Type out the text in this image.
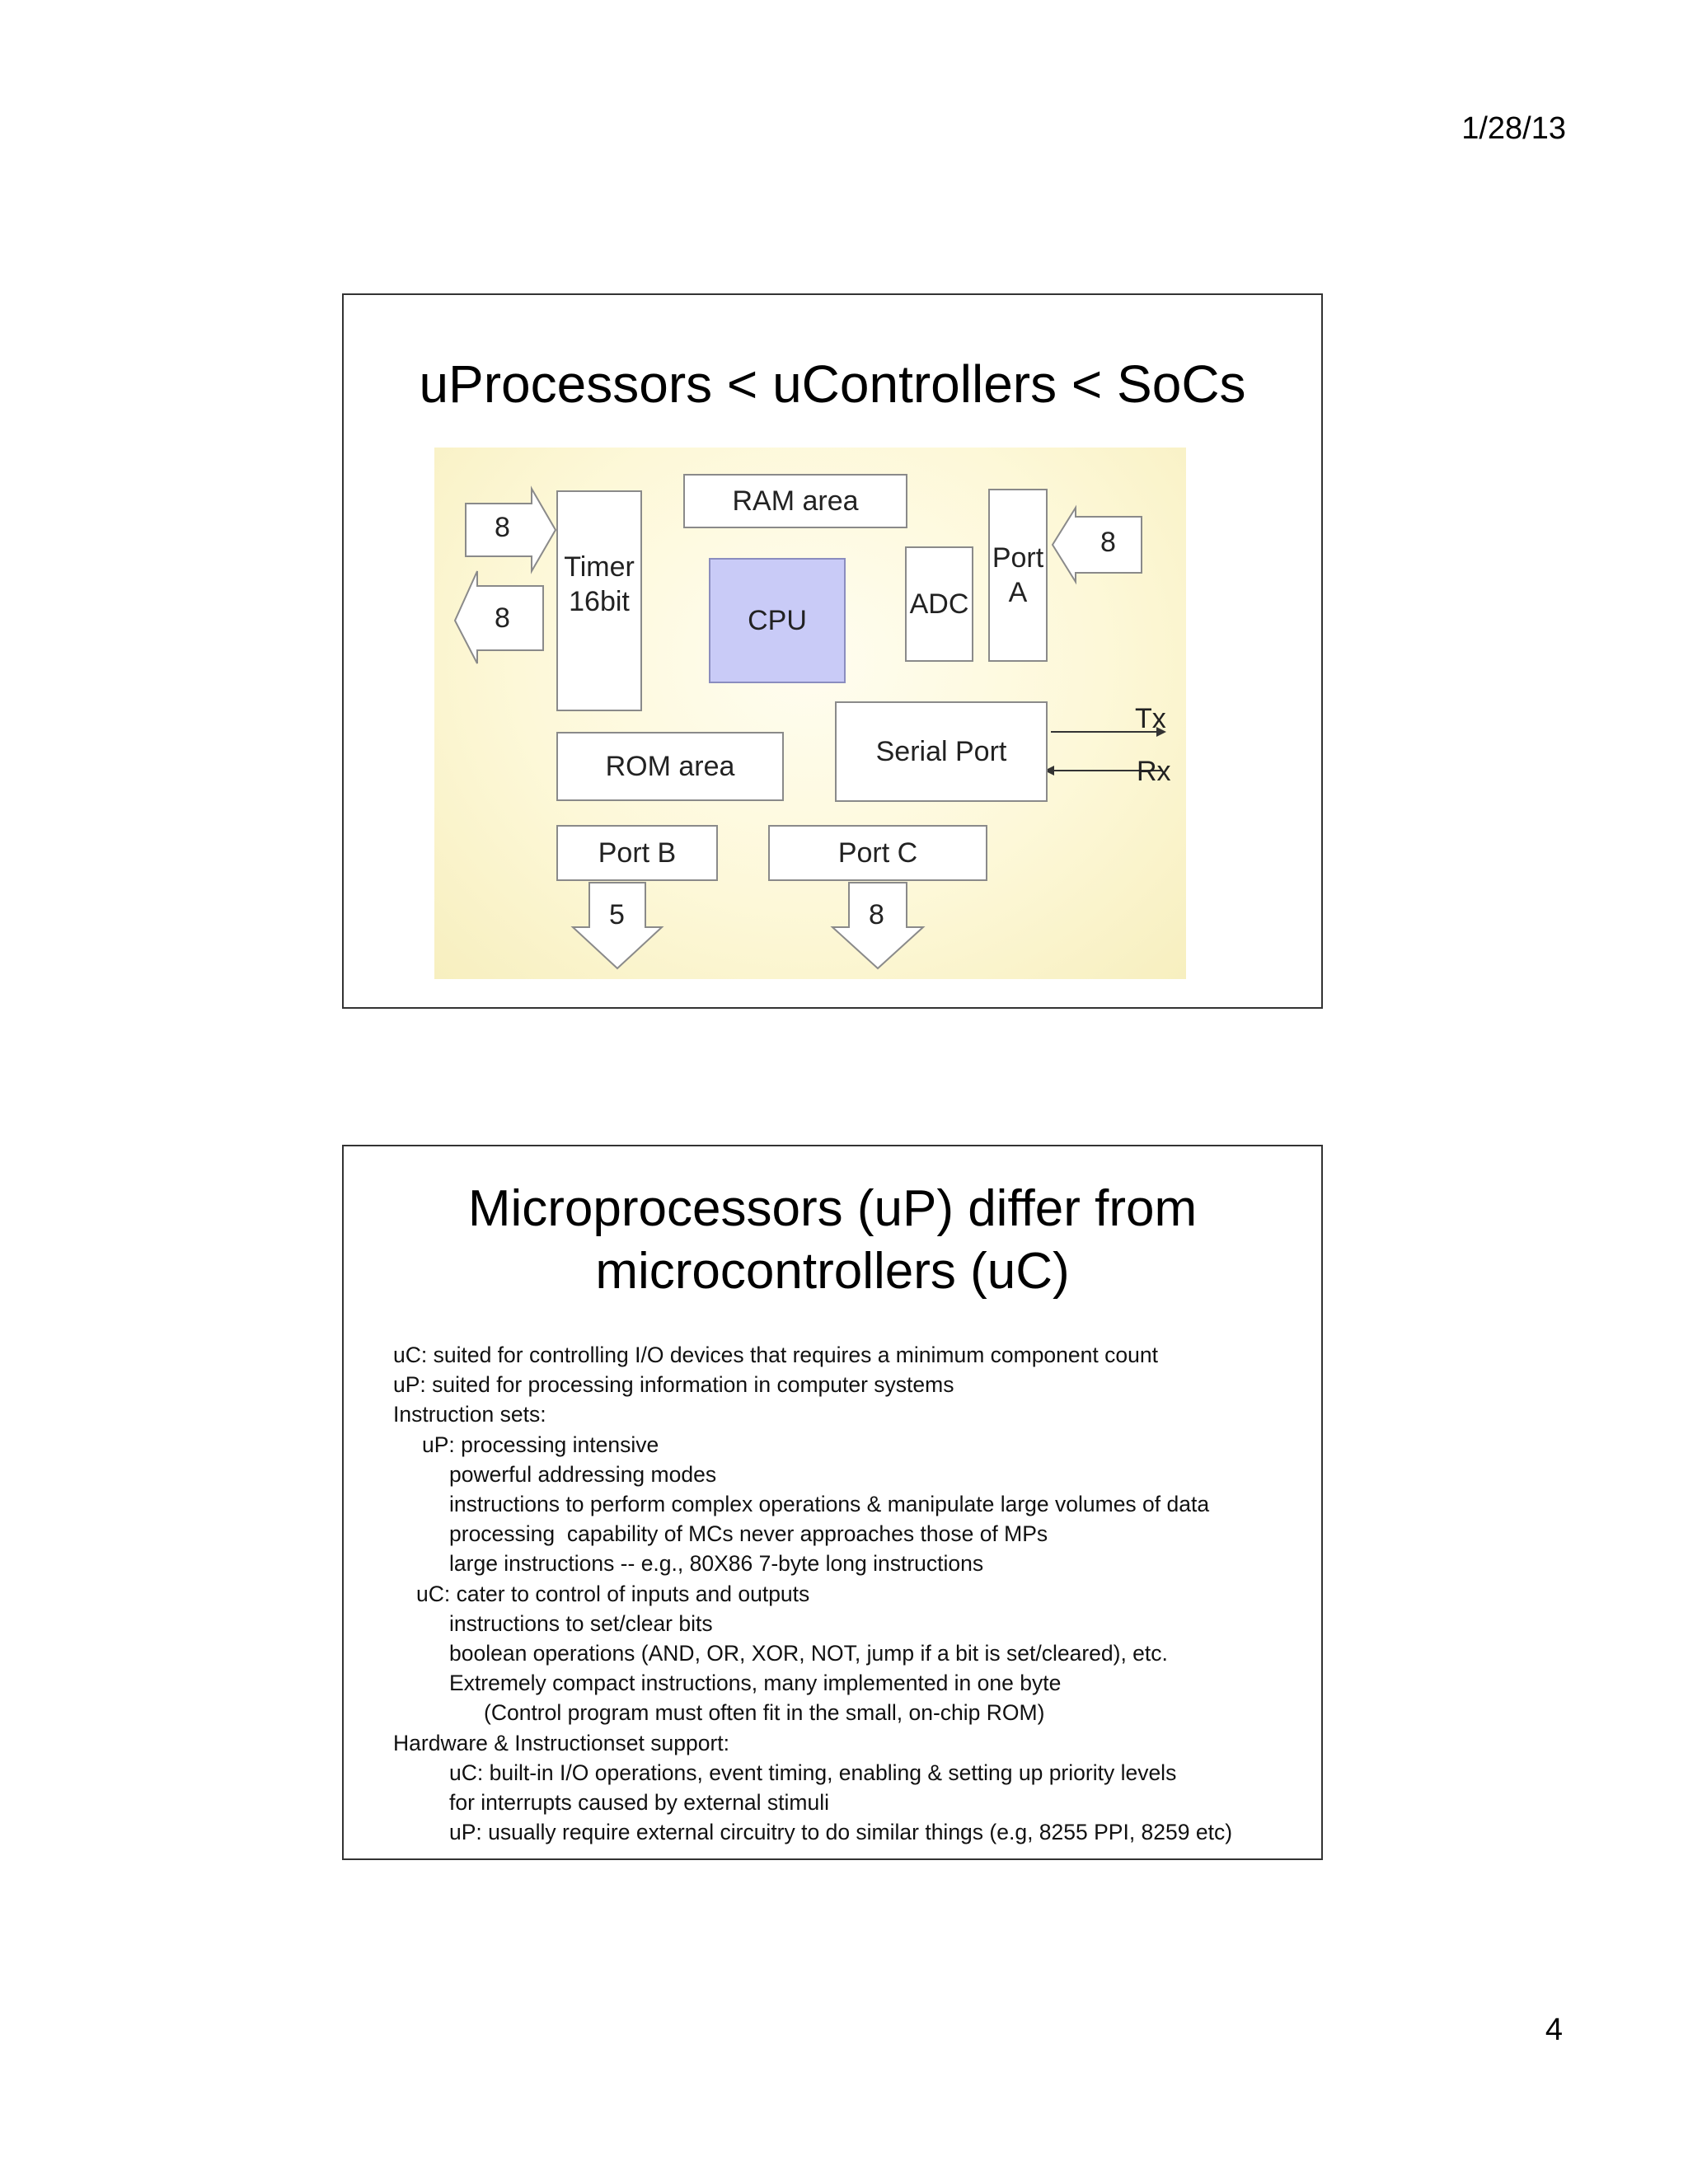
1/28/13
uProcessors < uControllers < SoCs
8
8
8
5	8
Tx
Rx
RAM area
Timer
16bit
CPU
ADC
Port
A
Serial Port
ROM area
Port B	Port C
Microprocessors (uP) differ from
microcontrollers (uC)
uC: suited for controlling I/O devices that requires a minimum component count
uP: suited for processing information in computer systems
Instruction sets:
uP: processing intensive
powerful addressing modes
instructions to perform complex operations & manipulate large volumes of data
processing  capability of MCs never approaches those of MPs
large instructions -- e.g., 80X86 7-byte long instructions
uC: cater to control of inputs and outputs
instructions to set/clear bits
boolean operations (AND, OR, XOR, NOT, jump if a bit is set/cleared), etc.
Extremely compact instructions, many implemented in one byte
(Control program must often fit in the small, on-chip ROM)
Hardware & Instructionset support:
uC: built-in I/O operations, event timing, enabling & setting up priority levels
for interrupts caused by external stimuli
uP: usually require external circuitry to do similar things (e.g, 8255 PPI, 8259 etc)
4
